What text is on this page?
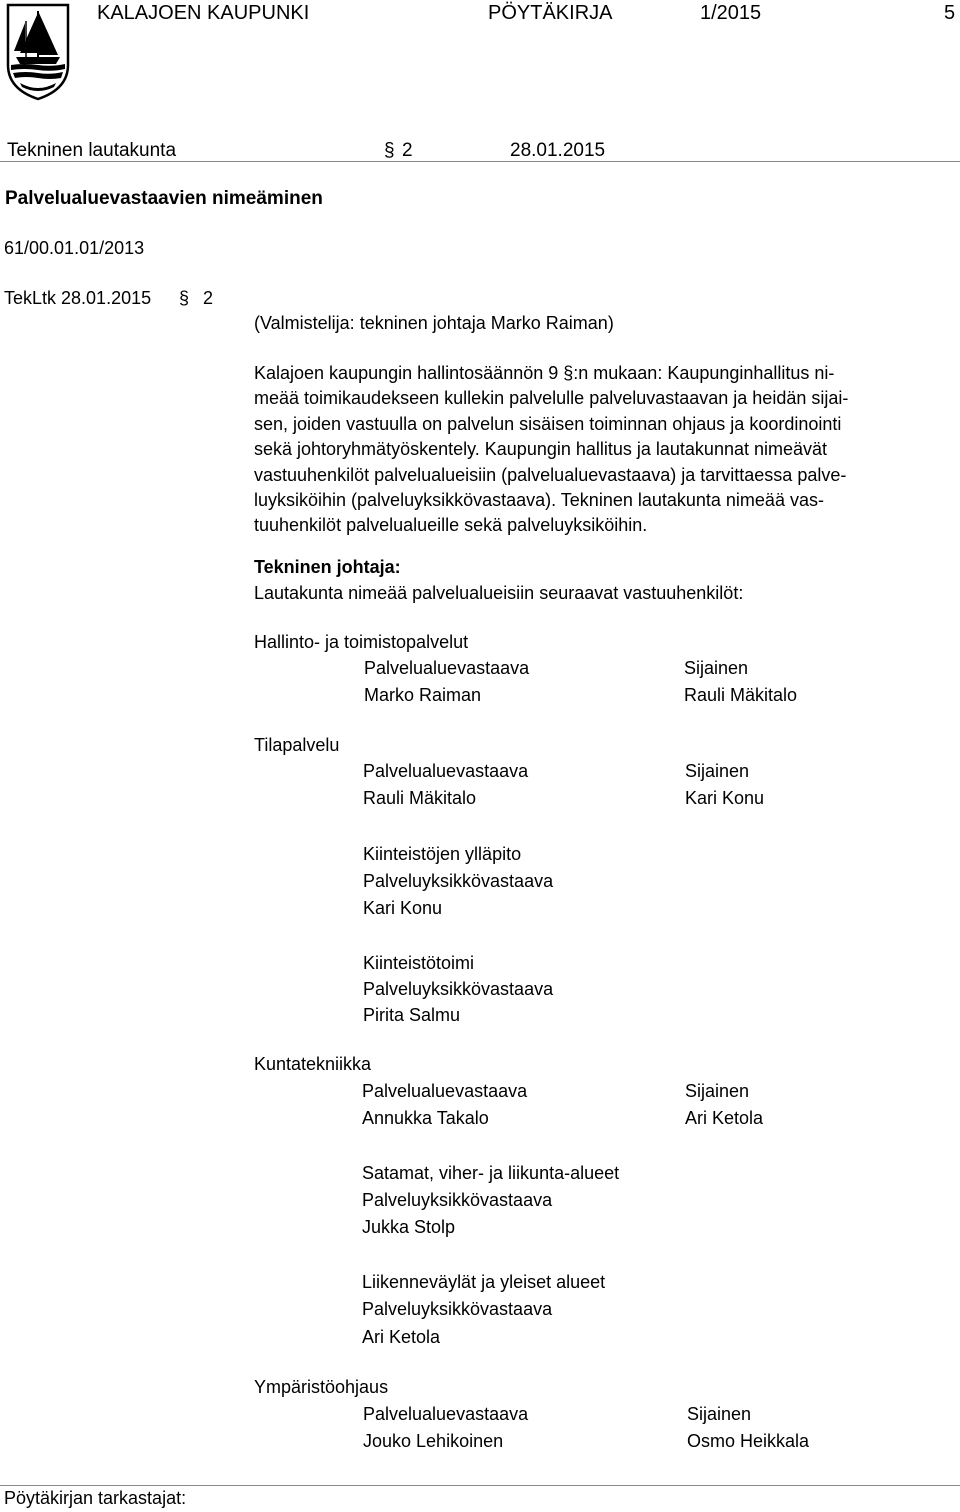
KALAJOEN KAUPUNKI	PÖYTÄKIRJA	1/2015	5
Tekninen lautakunta	§ 2	28.01.2015
Palvelualuevastaavien nimeäminen
61/00.01.01/2013
TekLtk 28.01.2015 § 2
(Valmistelija: tekninen johtaja Marko Raiman)
Kalajoen kaupungin hallintosäännön 9 §:n mukaan: Kaupunginhallitus ni-
meää toimikaudekseen kullekin palvelulle palveluvastaavan ja heidän sijai-
sen, joiden vastuulla on palvelun sisäisen toiminnan ohjaus ja koordinointi
sekä johtoryhmätyöskentely. Kaupungin hallitus ja lautakunnat nimeävät
vastuuhenkilöt palvelualueisiin (palvelualuevastaava) ja tarvittaessa palve-
luyksiköihin (palveluyksikkövastaava). Tekninen lautakunta nimeää vas-
tuuhenkilöt palvelualueille sekä palveluyksiköihin.
Tekninen johtaja:
Lautakunta nimeää palvelualueisiin seuraavat vastuuhenkilöt:
Hallinto- ja toimistopalvelut
Palvelualuevastaava	Sijainen
Marko Raiman	Rauli Mäkitalo
Tilapalvelu
Palvelualuevastaava	Sijainen
Rauli Mäkitalo	Kari Konu
Kiinteistöjen ylläpito
Palveluyksikkövastaava
Kari Konu
Kiinteistötoimi
Palveluyksikkövastaava
Pirita Salmu
Kuntatekniikka
Palvelualuevastaava	Sijainen
Annukka Takalo	Ari Ketola
Satamat, viher- ja liikunta-alueet
Palveluyksikkövastaava
Jukka Stolp
Liikenneväylät ja yleiset alueet
Palveluyksikkövastaava
Ari Ketola
Ympäristöohjaus
Palvelualuevastaava	Sijainen
Jouko Lehikoinen	Osmo Heikkala
Pöytäkirjan tarkastajat:
